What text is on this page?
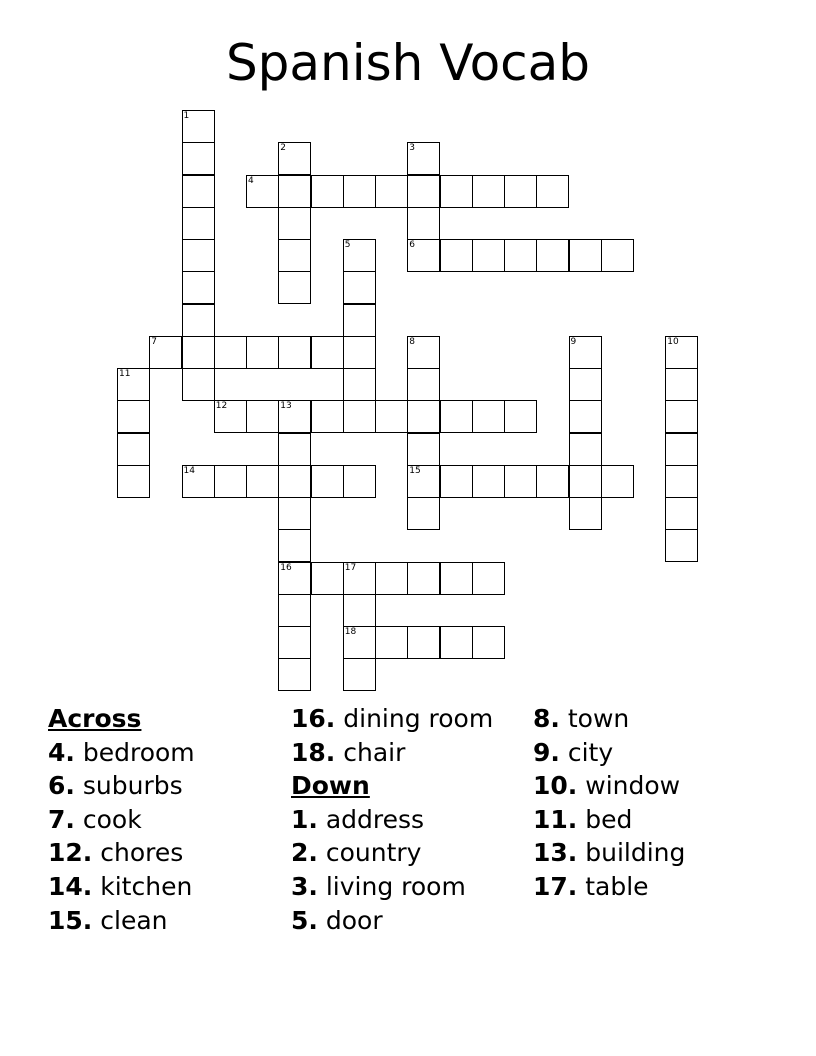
Spanish Vocab
1
2	3
6
4
5
7	8
15
9	10
11
12	13
16
14
17
18
Across
4. bedroom
6. suburbs
7. cook
12. chores
14. kitchen
15. clean
16. dining room
18. chair
Down
1. address
2. country
3. living room
5. door
8. town
9. city
10. window
11. bed
13. building
17. table
